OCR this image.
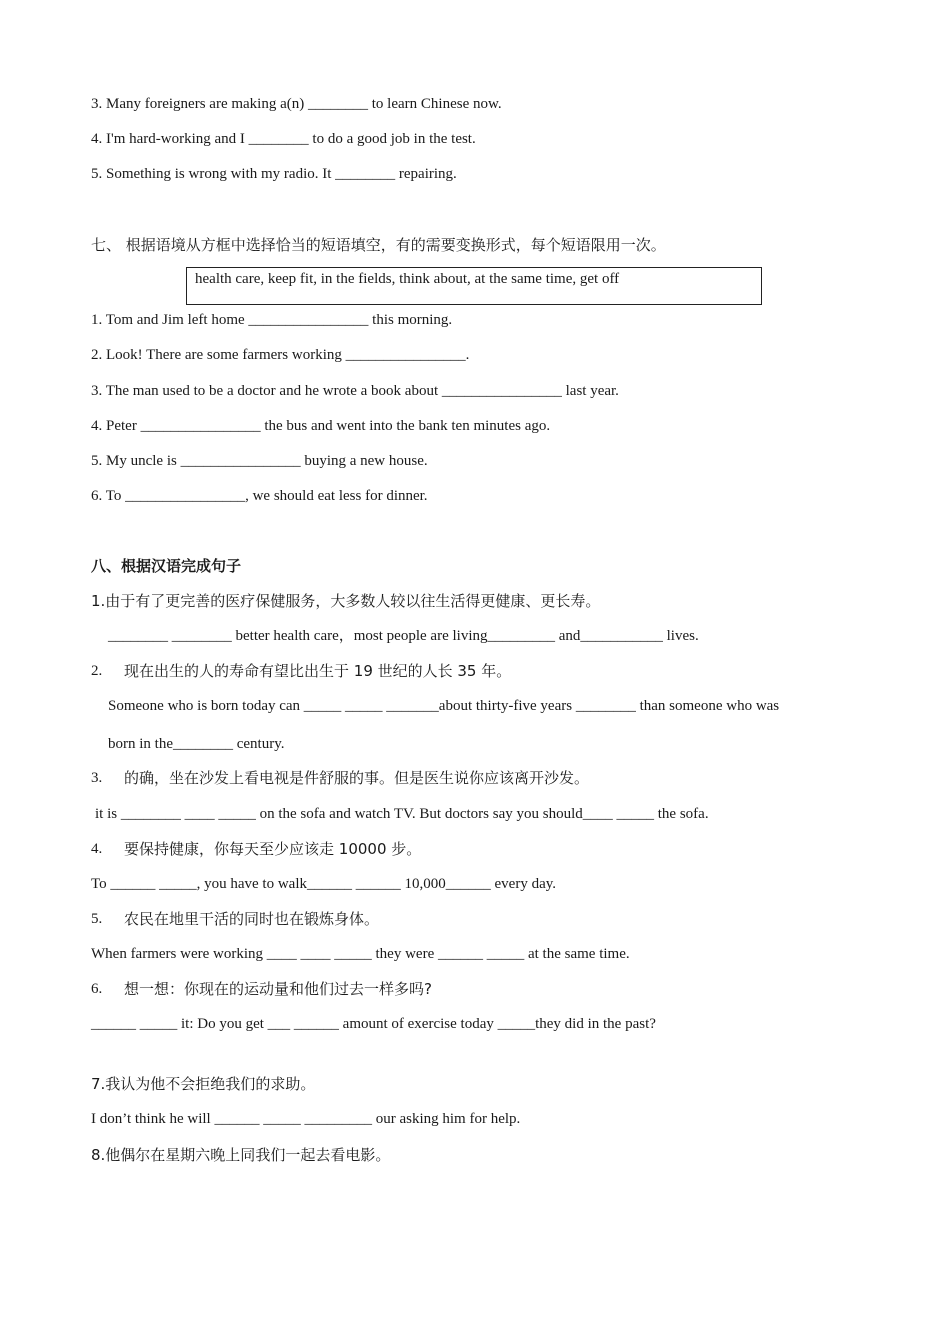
3. Many foreigners are making a(n) ________ to learn Chinese now.
4. I'm hard-working and I ________ to do a good job in the test.
5. Something is wrong with my radio. It ________ repairing.
七、 根据语境从方框中选择恰当的短语填空，有的需要变换形式，每个短语限用一次。
health care, keep fit, in the fields, think about, at the same time, get off
1. Tom and Jim left home ________________ this morning.
2. Look! There are some farmers working ________________.
3. The man used to be a doctor and he wrote a book about ________________ last year.
4. Peter ________________ the bus and went into the bank ten minutes ago.
5. My uncle is ________________ buying a new house.
6. To ________________, we should eat less for dinner.
八、根据汉语完成句子
1.由于有了更完善的医疗保健服务，大多数人较以往生活得更健康、更长寿。
________ ________ better health care，most people are living_________ and___________ lives.
2. 现在出生的人的寿命有望比出生于 19 世纪的人长 35 年。
Someone who is born today can _____ _____ _______about thirty-five years ________ than someone who was
born in the________ century.
3. 的确，坐在沙发上看电视是件舒服的事。但是医生说你应该离开沙发。
it is ________ ____ _____ on the sofa and watch TV. But doctors say you should____ _____ the sofa.
4. 要保持健康，你每天至少应该走 10000 步。
To ______ _____, you have to walk______ ______ 10,000______ every day.
5. 农民在地里干活的同时也在锻炼身体。
When farmers were working ____ ____ _____ they were ______ _____ at the same time.
6. 想一想：你现在的运动量和他们过去一样多吗?
______ _____ it: Do you get ___ ______ amount of exercise today _____they did in the past?
7.我认为他不会拒绝我们的求助。
I don’t think he will ______ _____ _________ our asking him for help.
8.他偶尔在星期六晚上同我们一起去看电影。
